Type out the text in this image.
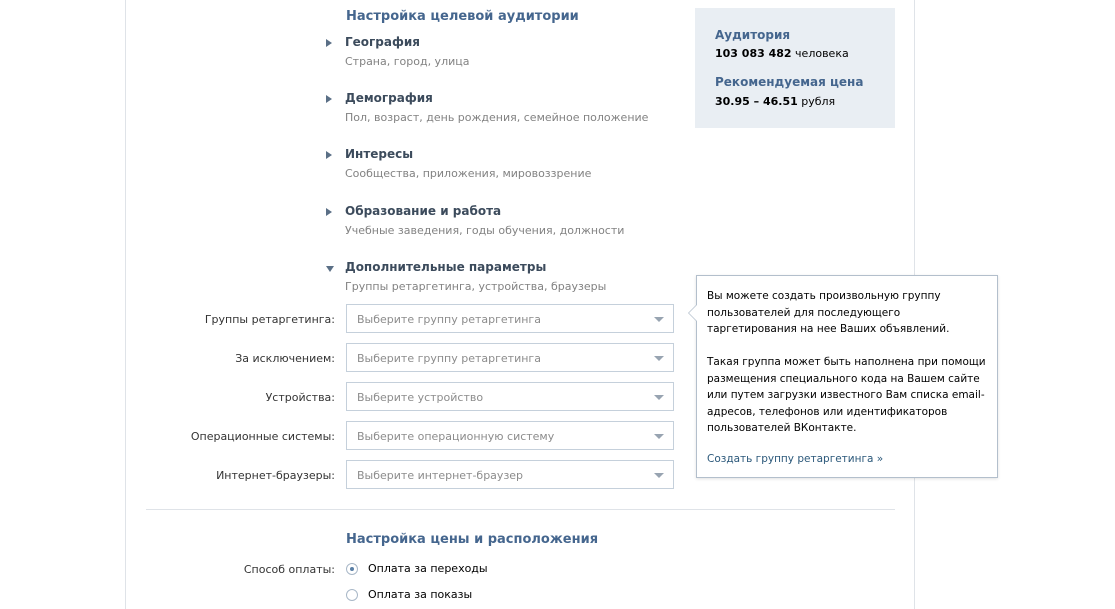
Настройка целевой аудитории
География
Страна, город, улица
Демография
Пол, возраст, день рождения, семейное положение
Интересы
Сообщества, приложения, мировоззрение
Образование и работа
Учебные заведения, годы обучения, должности
Дополнительные параметры
Группы ретаргетинга, устройства, браузеры
Группы ретаргетинга: Выберите группу ретаргетинга
За исключением: Выберите группу ретаргетинга
Устройства: Выберите устройство
Операционные системы: Выберите операционную систему
Интернет-браузеры: Выберите интернет-браузер
Аудитория
103 083 482 человека
Рекомендуемая цена
30.95 – 46.51 рубля
Вы можете создать произвольную группу пользователей для последующего таргетирования на нее Ваших объявлений.
Такая группа может быть наполнена при помощи размещения специального кода на Вашем сайте или путем загрузки известного Вам списка email-адресов, телефонов или идентификаторов пользователей ВКонтакте.
Создать группу ретаргетинга »
Настройка цены и расположения
Способ оплаты:	Оплата за переходы
Оплата за показы
